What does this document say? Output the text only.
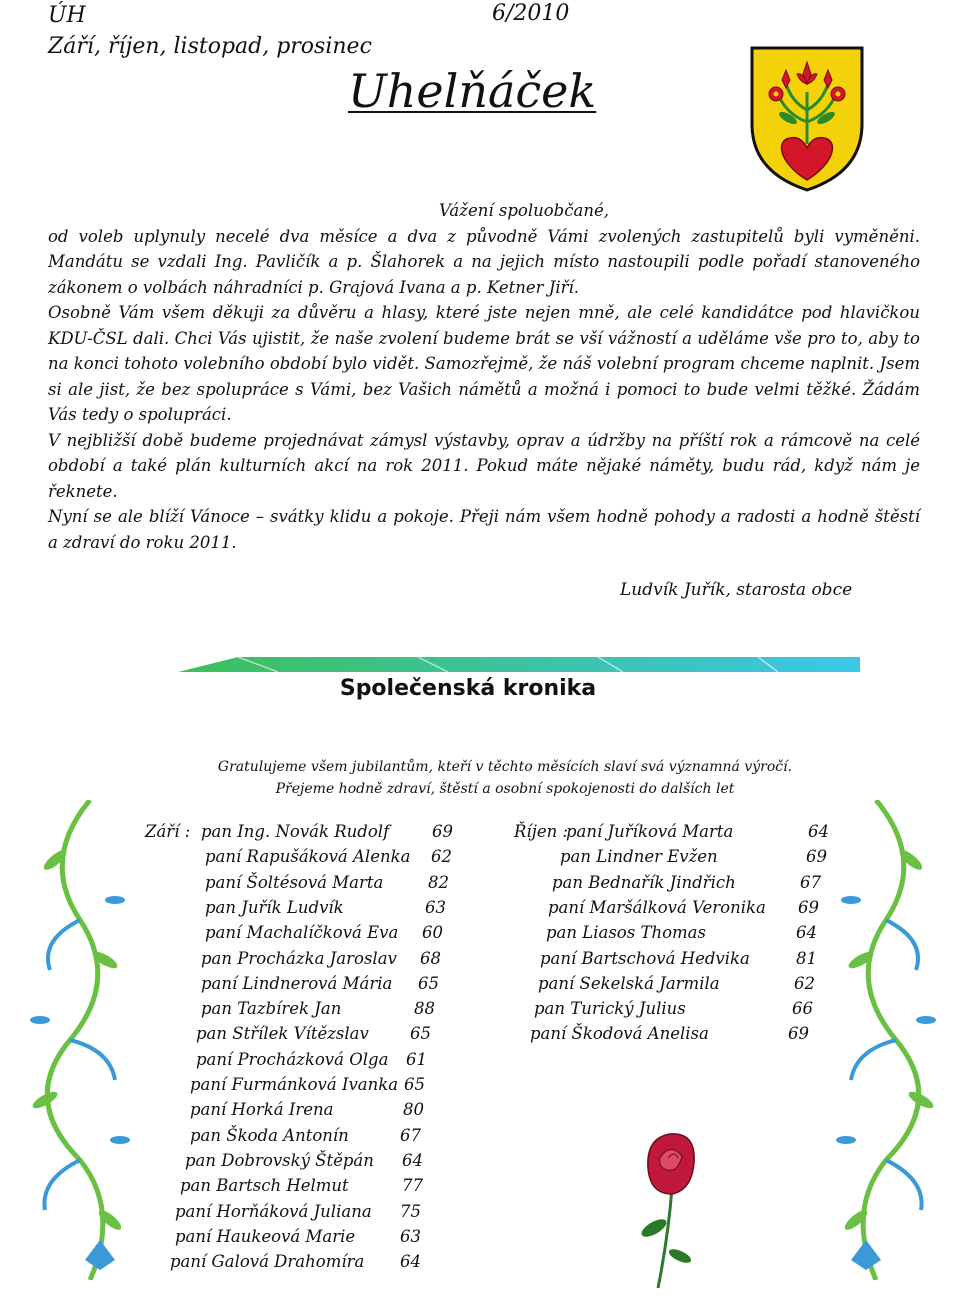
ÚH
Září, říjen, listopad, prosinec
6/2010
Uhelňáček

Vážení spoluobčané,

od voleb uplynuly necelé dva měsíce a dva z původně Vámi zvolených zastupitelů byli vyměněni. Mandátu se vzdali Ing. Pavličík a p. Šlahorek a na jejich místo nastoupili podle pořadí stanoveného zákonem o volbách náhradníci p. Grajová Ivana a p. Ketner Jiří.

Osobně Vám všem děkuji za důvěru a hlasy, které jste nejen mně, ale celé kandidátce pod hlavičkou KDU-ČSL dali. Chci Vás ujistit, že naše zvolení budeme brát se vší vážností a uděláme vše pro to, aby to na konci tohoto volebního období bylo vidět. Samozřejmě, že náš volební program chceme naplnit. Jsem si ale jist, že bez spolupráce s Vámi, bez Vašich námětů a možná i pomoci to bude velmi těžké. Žádám Vás tedy o spolupráci.

V nejbližší době budeme projednávat zámysl výstavby, oprav a údržby na příští rok a rámcově na celé období a také plán kulturních akcí na rok 2011. Pokud máte nějaké náměty, budu rád, když nám je řeknete.

Nyní se ale blíží Vánoce – svátky klidu a pokoje. Přeji nám všem hodně pohody a radosti a hodně štěstí a zdraví do roku 2011.

Ludvík Juřík, starosta obce
Společenská kronika
Gratulujeme všem jubilantům, kteří v těchto měsících slaví svá významná výročí.
Přejeme hodně zdraví, štěstí a osobní spokojenosti do dalších let
Září :	Říjen :
pan Ing. Novák Rudolf	69
paní Rapušáková Alenka 62
paní Šoltésová Marta	82
pan Juřík Ludvík	63
paní Machalíčková Eva 60
pan Procházka Jaroslav 68
paní Lindnerová Mária 65
pan Tazbírek Jan	88
pan Střílek Vítězslav 65
paní Procházková Olga 61
paní Furmánková Ivanka 65
paní Horká Irena	80
pan Škoda Antonín	67
pan Dobrovský Štěpán 64
pan Bartsch Helmut	77
paní Horňáková Juliana 75
paní Haukeová Marie	63
paní Galová Drahomíra 64
paní Juříková Marta	64
pan Lindner Evžen	69
pan Bednařík Jindřich	67
paní Maršálková Veronika 69
pan Liasos Thomas	64
paní Bartschová Hedvika	81
paní Sekelská Jarmila	62
pan Turický Julius	66
paní Škodová Anelisa	69
